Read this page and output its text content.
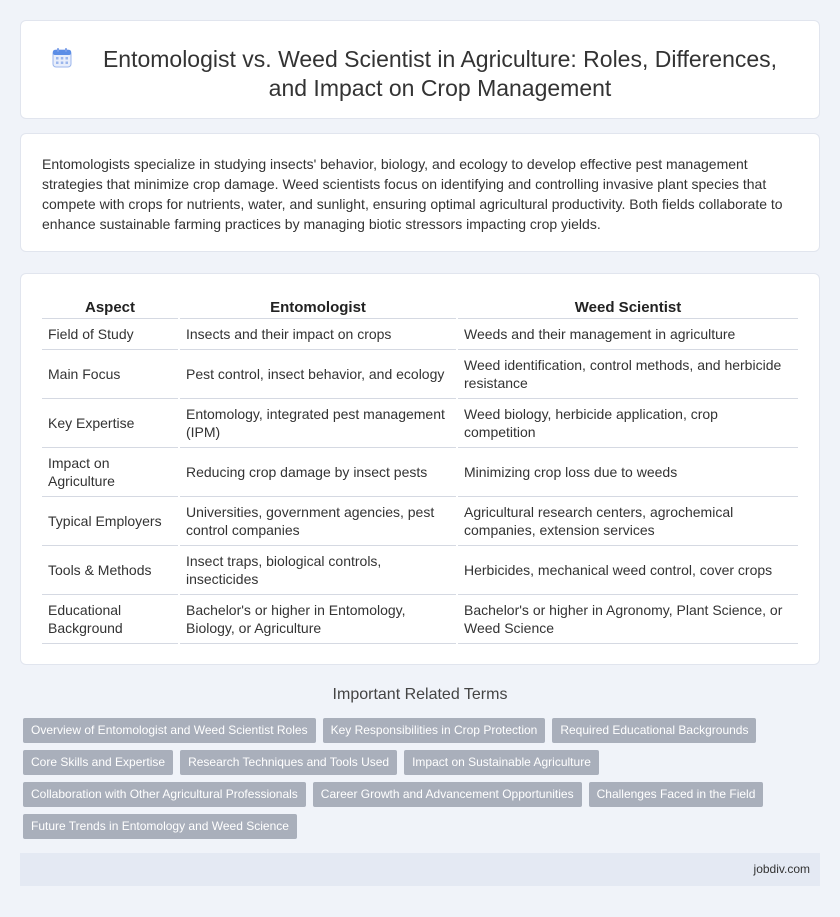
Entomologist vs. Weed Scientist in Agriculture: Roles, Differences, and Impact on Crop Management

Entomologists specialize in studying insects' behavior, biology, and ecology to develop effective pest management strategies that minimize crop damage. Weed scientists focus on identifying and controlling invasive plant species that compete with crops for nutrients, water, and sunlight, ensuring optimal agricultural productivity. Both fields collaborate to enhance sustainable farming practices by managing biotic stressors impacting crop yields.

Aspect	Entomologist	Weed Scientist
Field of Study	Insects and their impact on crops	Weeds and their management in agriculture
Main Focus	Pest control, insect behavior, and ecology	Weed identification, control methods, and herbicide resistance
Key Expertise	Entomology, integrated pest management (IPM)	Weed biology, herbicide application, crop competition
Impact on Agriculture	Reducing crop damage by insect pests	Minimizing crop loss due to weeds
Typical Employers	Universities, government agencies, pest control companies	Agricultural research centers, agrochemical companies, extension services
Tools & Methods	Insect traps, biological controls, insecticides	Herbicides, mechanical weed control, cover crops
Educational Background	Bachelor's or higher in Entomology, Biology, or Agriculture	Bachelor's or higher in Agronomy, Plant Science, or Weed Science
Important Related Terms
Overview of Entomologist and Weed Scientist Roles	Key Responsibilities in Crop Protection	Required Educational Backgrounds
Core Skills and Expertise	Research Techniques and Tools Used	Impact on Sustainable Agriculture
Collaboration with Other Agricultural Professionals	Career Growth and Advancement Opportunities	Challenges Faced in the Field
Future Trends in Entomology and Weed Science
jobdiv.com
